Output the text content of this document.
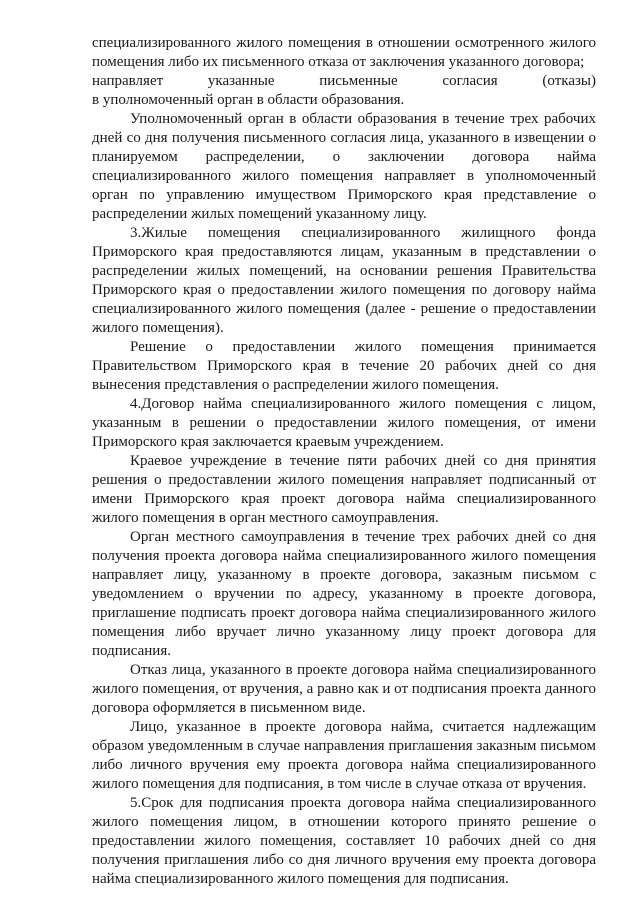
специализированного жилого помещения в отношении осмотренного жилого помещения либо их письменного отказа от заключения указанного договора;

направляет указанные письменные согласия (отказы)

в уполномоченный орган в области образования.

Уполномоченный орган в области образования в течение трех рабочих дней со дня получения письменного согласия лица, указанного в извещении о планируемом распределении, о заключении договора найма специализированного жилого помещения направляет в уполномоченный орган по управлению имуществом Приморского края представление о распределении жилых помещений указанному лицу.

3.Жилые помещения специализированного жилищного фонда Приморского края предоставляются лицам, указанным в представлении о распределении жилых помещений, на основании решения Правительства Приморского края о предоставлении жилого помещения по договору найма специализированного жилого помещения (далее - решение о предоставлении жилого помещения).

Решение о предоставлении жилого помещения принимается Правительством Приморского края в течение 20 рабочих дней со дня вынесения представления о распределении жилого помещения.

4.Договор найма специализированного жилого помещения с лицом, указанным в решении о предоставлении жилого помещения, от имени Приморского края заключается краевым учреждением.

Краевое учреждение в течение пяти рабочих дней со дня принятия решения о предоставлении жилого помещения направляет подписанный от имени Приморского края проект договора найма специализированного жилого помещения в орган местного самоуправления.

Орган местного самоуправления в течение трех рабочих дней со дня получения проекта договора найма специализированного жилого помещения направляет лицу, указанному в проекте договора, заказным письмом с уведомлением о вручении по адресу, указанному в проекте договора, приглашение подписать проект договора найма специализированного жилого помещения либо вручает лично указанному лицу проект договора для подписания.

Отказ лица, указанного в проекте договора найма специализированного жилого помещения, от вручения, а равно как и от подписания проекта данного договора оформляется в письменном виде.

Лицо, указанное в проекте договора найма, считается надлежащим образом уведомленным в случае направления приглашения заказным письмом либо личного вручения ему проекта договора найма специализированного жилого помещения для подписания, в том числе в случае отказа от вручения.

5.Срок для подписания проекта договора найма специализированного жилого помещения лицом, в отношении которого принято решение о предоставлении жилого помещения, составляет 10 рабочих дней со дня получения приглашения либо со дня личного вручения ему проекта договора найма специализированного жилого помещения для подписания.
